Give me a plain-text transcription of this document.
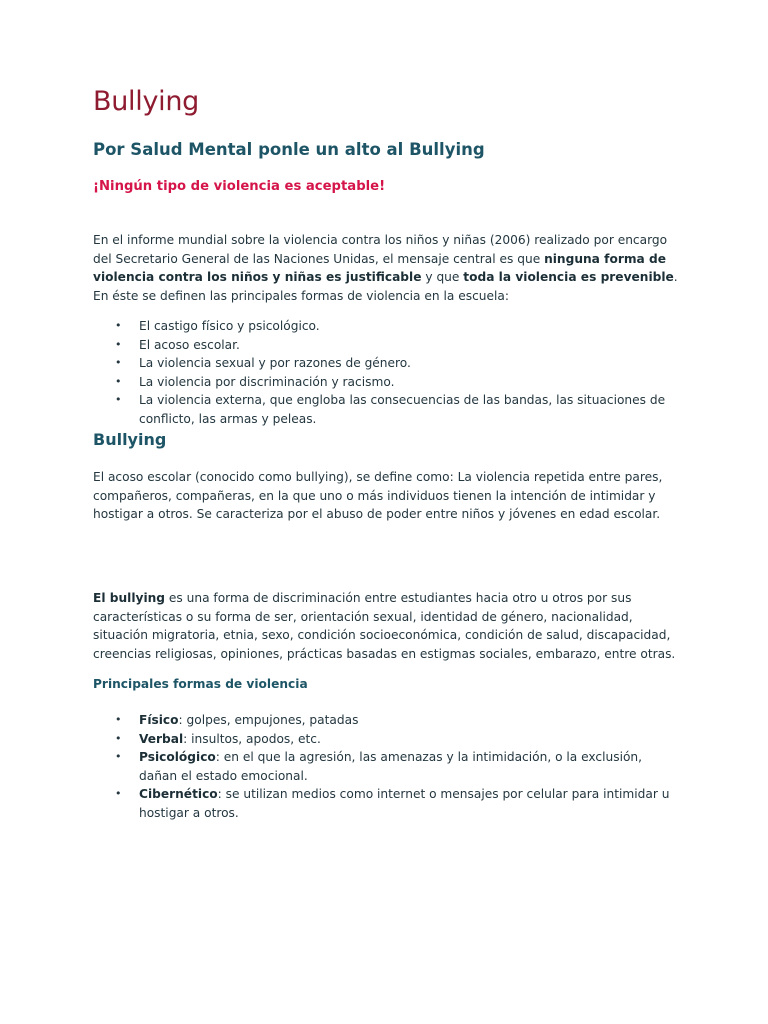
Bullying
Por Salud Mental ponle un alto al Bullying

¡Ningún tipo de violencia es aceptable!

En el informe mundial sobre la violencia contra los niños y niñas (2006) realizado por encargo del Secretario General de las Naciones Unidas, el mensaje central es que ninguna forma de violencia contra los niños y niñas es justificable y que toda la violencia es prevenible. En éste se definen las principales formas de violencia en la escuela:

• El castigo físico y psicológico.
• El acoso escolar.
• La violencia sexual y por razones de género.
• La violencia por discriminación y racismo.
• La violencia externa, que engloba las consecuencias de las bandas, las situaciones de conflicto, las armas y peleas.
Bullying

El acoso escolar (conocido como bullying), se define como: La violencia repetida entre pares, compañeros, compañeras, en la que uno o más individuos tienen la intención de intimidar y hostigar a otros. Se caracteriza por el abuso de poder entre niños y jóvenes en edad escolar.

El bullying es una forma de discriminación entre estudiantes hacia otro u otros por sus características o su forma de ser, orientación sexual, identidad de género, nacionalidad, situación migratoria, etnia, sexo, condición socioeconómica, condición de salud, discapacidad, creencias religiosas, opiniones, prácticas basadas en estigmas sociales, embarazo, entre otras.

Principales formas de violencia
• Físico: golpes, empujones, patadas
• Verbal: insultos, apodos, etc.
• Psicológico: en el que la agresión, las amenazas y la intimidación, o la exclusión, dañan el estado emocional.
• Cibernético: se utilizan medios como internet o mensajes por celular para intimidar u hostigar a otros.
